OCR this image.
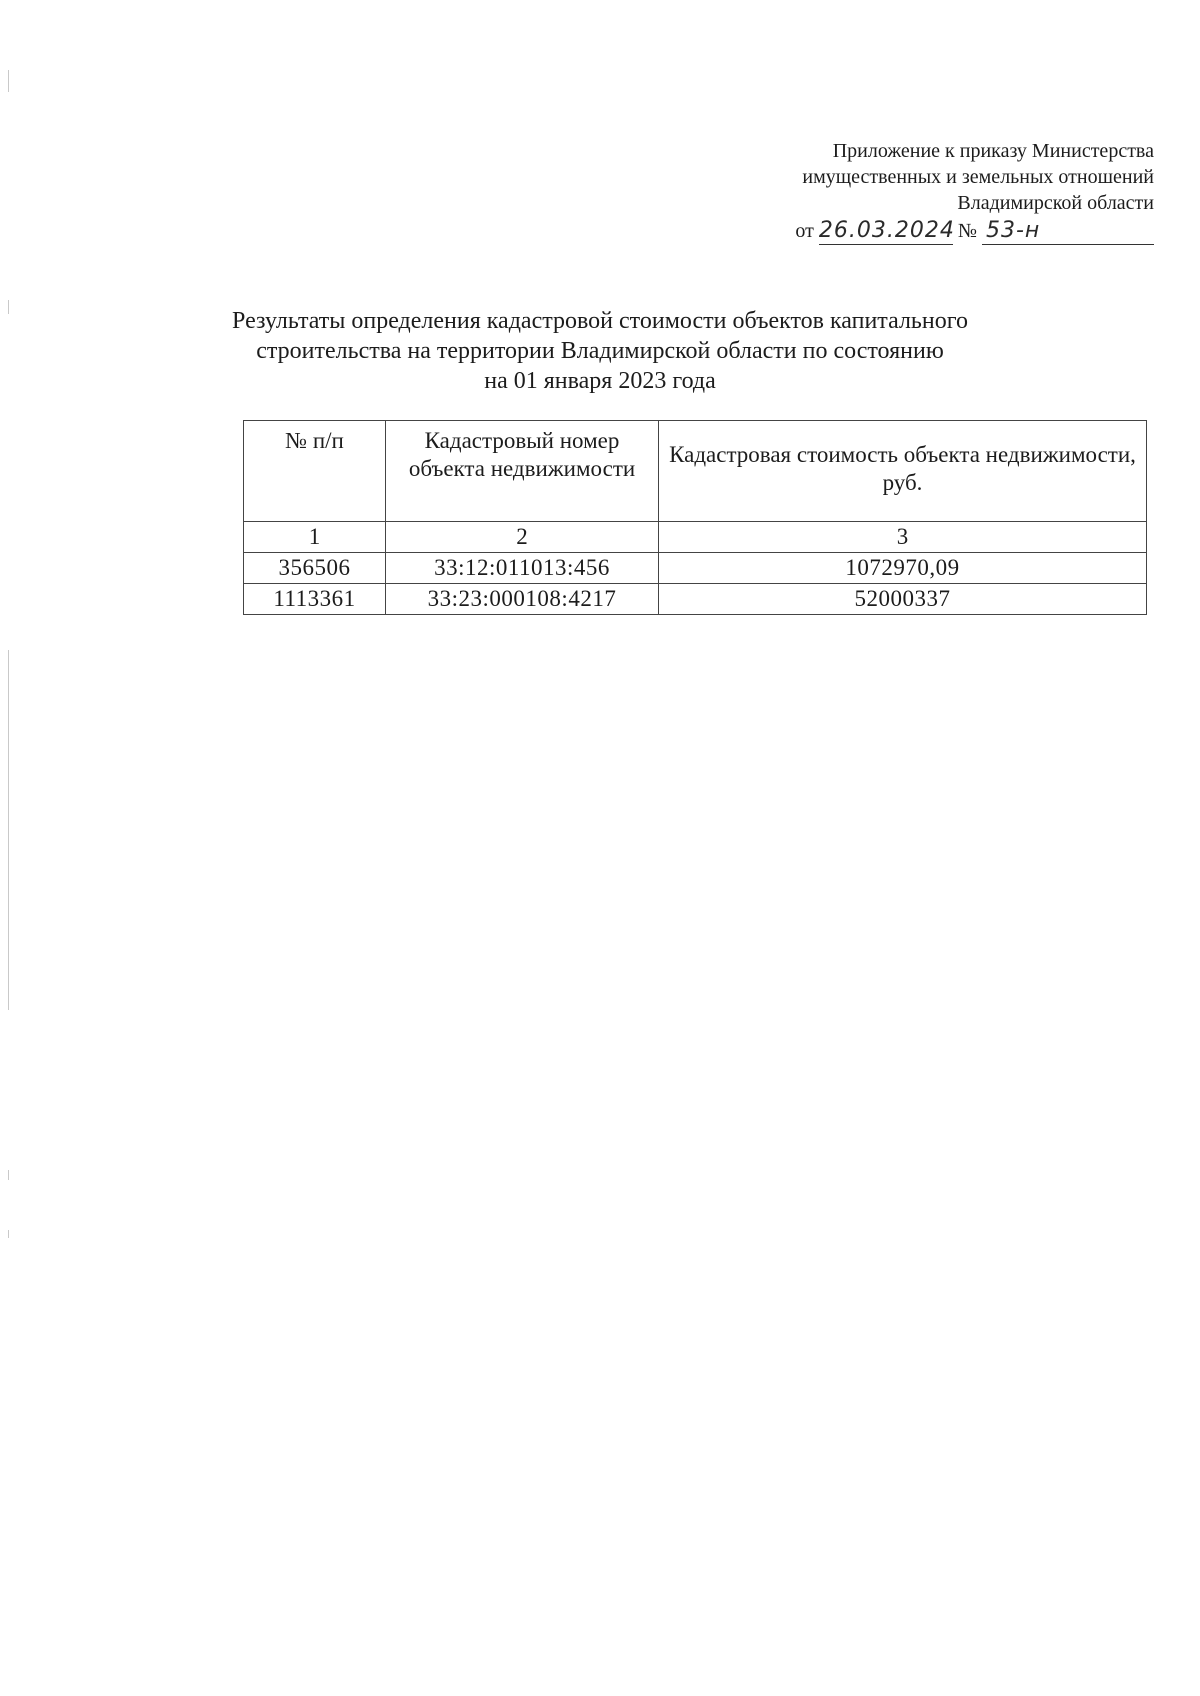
Приложение к приказу Министерства
имущественных и земельных отношений
Владимирской области
от 26.03.2024 № 53-н
Результаты определения кадастровой стоимости объектов капитального
строительства на территории Владимирской области по состоянию
на 01 января 2023 года
№ п/п	Кадастровый номер объекта недвижимости	Кадастровая стоимость объекта недвижимости, руб.
1	2	3
356506	33:12:011013:456	1072970,09
1113361	33:23:000108:4217	52000337
